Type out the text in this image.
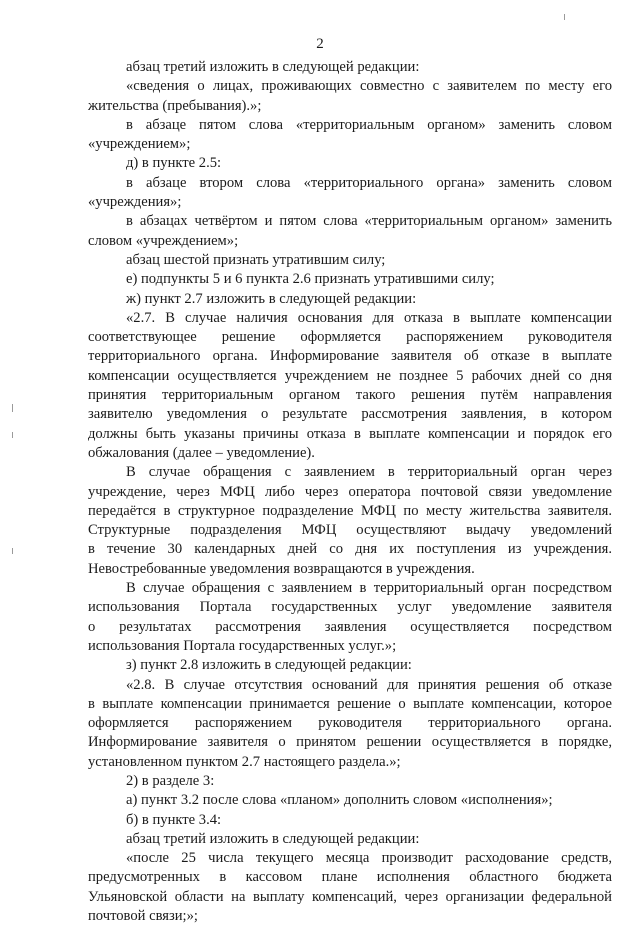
2
абзац третий изложить в следующей редакции:
«сведения о лицах, проживающих совместно с заявителем по месту его
жительства (пребывания).»;
в абзаце пятом слова «территориальным органом» заменить словом
«учреждением»;
д) в пункте 2.5:
в абзаце втором слова «территориального органа» заменить словом
«учреждения»;
в абзацах четвёртом и пятом слова «территориальным органом» заменить
словом «учреждением»;
абзац шестой признать утратившим силу;
е) подпункты 5 и 6 пункта 2.6 признать утратившими силу;
ж) пункт 2.7 изложить в следующей редакции:
«2.7. В случае наличия основания для отказа в выплате компенсации
соответствующее решение оформляется распоряжением руководителя
территориального органа. Информирование заявителя об отказе в выплате
компенсации осуществляется учреждением не позднее 5 рабочих дней со дня
принятия территориальным органом такого решения путём направления
заявителю уведомления о результате рассмотрения заявления, в котором
должны быть указаны причины отказа в выплате компенсации и порядок его
обжалования (далее – уведомление).
В случае обращения с заявлением в территориальный орган через
учреждение, через МФЦ либо через оператора почтовой связи уведомление
передаётся в структурное подразделение МФЦ по месту жительства заявителя.
Структурные подразделения МФЦ осуществляют выдачу уведомлений
в течение 30 календарных дней со дня их поступления из учреждения.
Невостребованные уведомления возвращаются в учреждения.
В случае обращения с заявлением в территориальный орган посредством
использования Портала государственных услуг уведомление заявителя
о результатах рассмотрения заявления осуществляется посредством
использования Портала государственных услуг.»;
з) пункт 2.8 изложить в следующей редакции:
«2.8. В случае отсутствия оснований для принятия решения об отказе
в выплате компенсации принимается решение о выплате компенсации, которое
оформляется распоряжением руководителя территориального органа.
Информирование заявителя о принятом решении осуществляется в порядке,
установленном пунктом 2.7 настоящего раздела.»;
2) в разделе 3:
а) пункт 3.2 после слова «планом» дополнить словом «исполнения»;
б) в пункте 3.4:
абзац третий изложить в следующей редакции:
«после 25 числа текущего месяца производит расходование средств,
предусмотренных в кассовом плане исполнения областного бюджета
Ульяновской области на выплату компенсаций, через организации федеральной
почтовой связи;»;
